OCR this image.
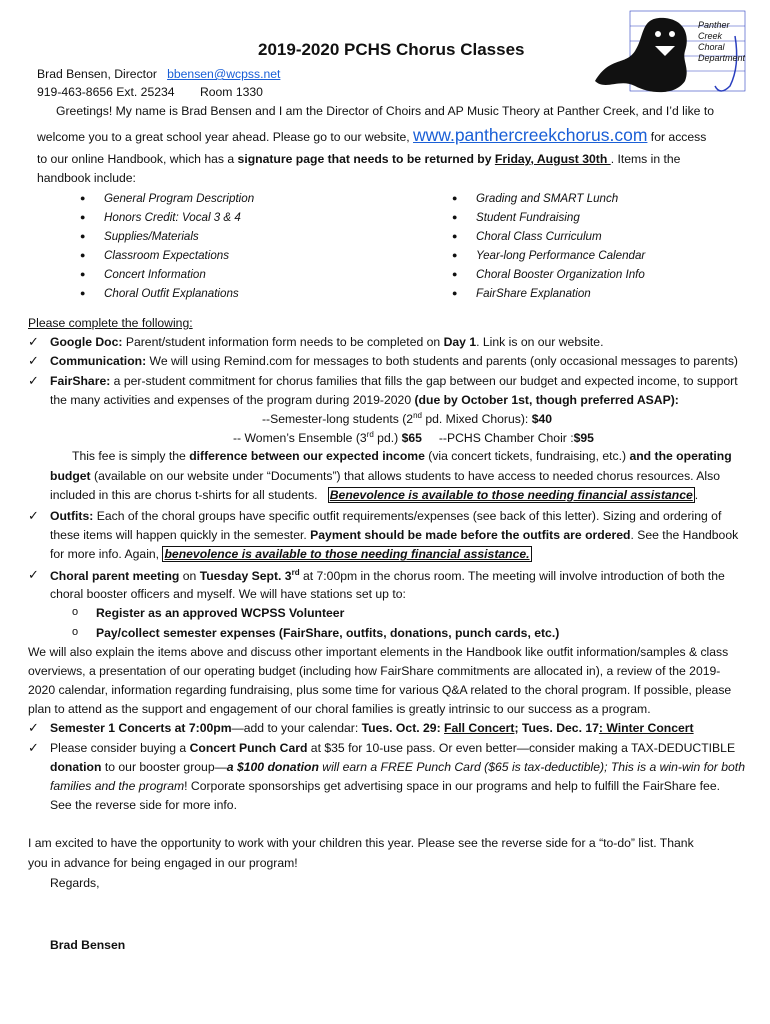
Panther
Creek
Choral
Department
2019-2020 PCHS Chorus Classes
Brad Bensen, Director bbensen@wcpss.net
919-463-8656 Ext. 25234 Room 1330
Greetings! My name is Brad Bensen and I am the Director of Choirs and AP Music Theory at Panther Creek, and I’d like to
welcome you to a great school year ahead. Please go to our website, www.panthercreekchorus.com for access
to our online Handbook, which has a signature page that needs to be returned by Friday, August 30th . Items in the
handbook include:
● General Program Description
● Honors Credit: Vocal 3 & 4
● Supplies/Materials
● Classroom Expectations
● Concert Information
● Choral Outfit Explanations
● Grading and SMART Lunch
● Student Fundraising
● Choral Class Curriculum
● Year-long Performance Calendar
● Choral Booster Organization Info
● FairShare Explanation
Please complete the following:
✓ Google Doc: Parent/student information form needs to be completed on Day 1. Link is on our website.
✓ Communication: We will using Remind.com for messages to both students and parents (only occasional messages to parents)
✓ FairShare: a per-student commitment for chorus families that fills the gap between our budget and expected income, to support
the many activities and expenses of the program during 2019-2020 (due by October 1st, though preferred ASAP):
--Semester-long students (2nd pd. Mixed Chorus): $40
-- Women’s Ensemble (3rd pd.) $65     --PCHS Chamber Choir :$95
This fee is simply the difference between our expected income (via concert tickets, fundraising, etc.) and the operating
budget (available on our website under “Documents”) that allows students to have access to needed chorus resources. Also
included in this are chorus t-shirts for all students.   Benevolence is available to those needing financial assistance .
✓ Outfits: Each of the choral groups have specific outfit requirements/expenses (see back of this letter). Sizing and ordering of
these items will happen quickly in the semester. Payment should be made before the outfits are ordered. See the Handbook
for more info. Again, benevolence is available to those needing financial assistance.
✓ Choral parent meeting on Tuesday Sept. 3rd at 7:00pm in the chorus room. The meeting will involve introduction of both the
choral booster officers and myself. We will have stations set up to:
o Register as an approved WCPSS Volunteer
o Pay/collect semester expenses (FairShare, outfits, donations, punch cards, etc.)
We will also explain the items above and discuss other important elements in the Handbook like outfit information/samples & class
overviews, a presentation of our operating budget (including how FairShare commitments are allocated in), a review of the 2019-
2020 calendar, information regarding fundraising, plus some time for various Q&A related to the choral program. If possible, please
plan to attend as the support and engagement of our choral families is greatly intrinsic to our success as a program.
✓ Semester 1 Concerts at 7:00pm—add to your calendar: Tues. Oct. 29: Fall Concert; Tues. Dec. 17: Winter Concert
✓ Please consider buying a Concert Punch Card at $35 for 10-use pass. Or even better—consider making a TAX-DEDUCTIBLE
donation to our booster group—a $100 donation will earn a FREE Punch Card ($65 is tax-deductible); This is a win-win for both
families and the program! Corporate sponsorships get advertising space in our programs and help to fulfill the FairShare fee.
See the reverse side for more info.
I am excited to have the opportunity to work with your children this year. Please see the reverse side for a “to-do” list. Thank
you in advance for being engaged in our program!
Regards,
Brad Bensen
